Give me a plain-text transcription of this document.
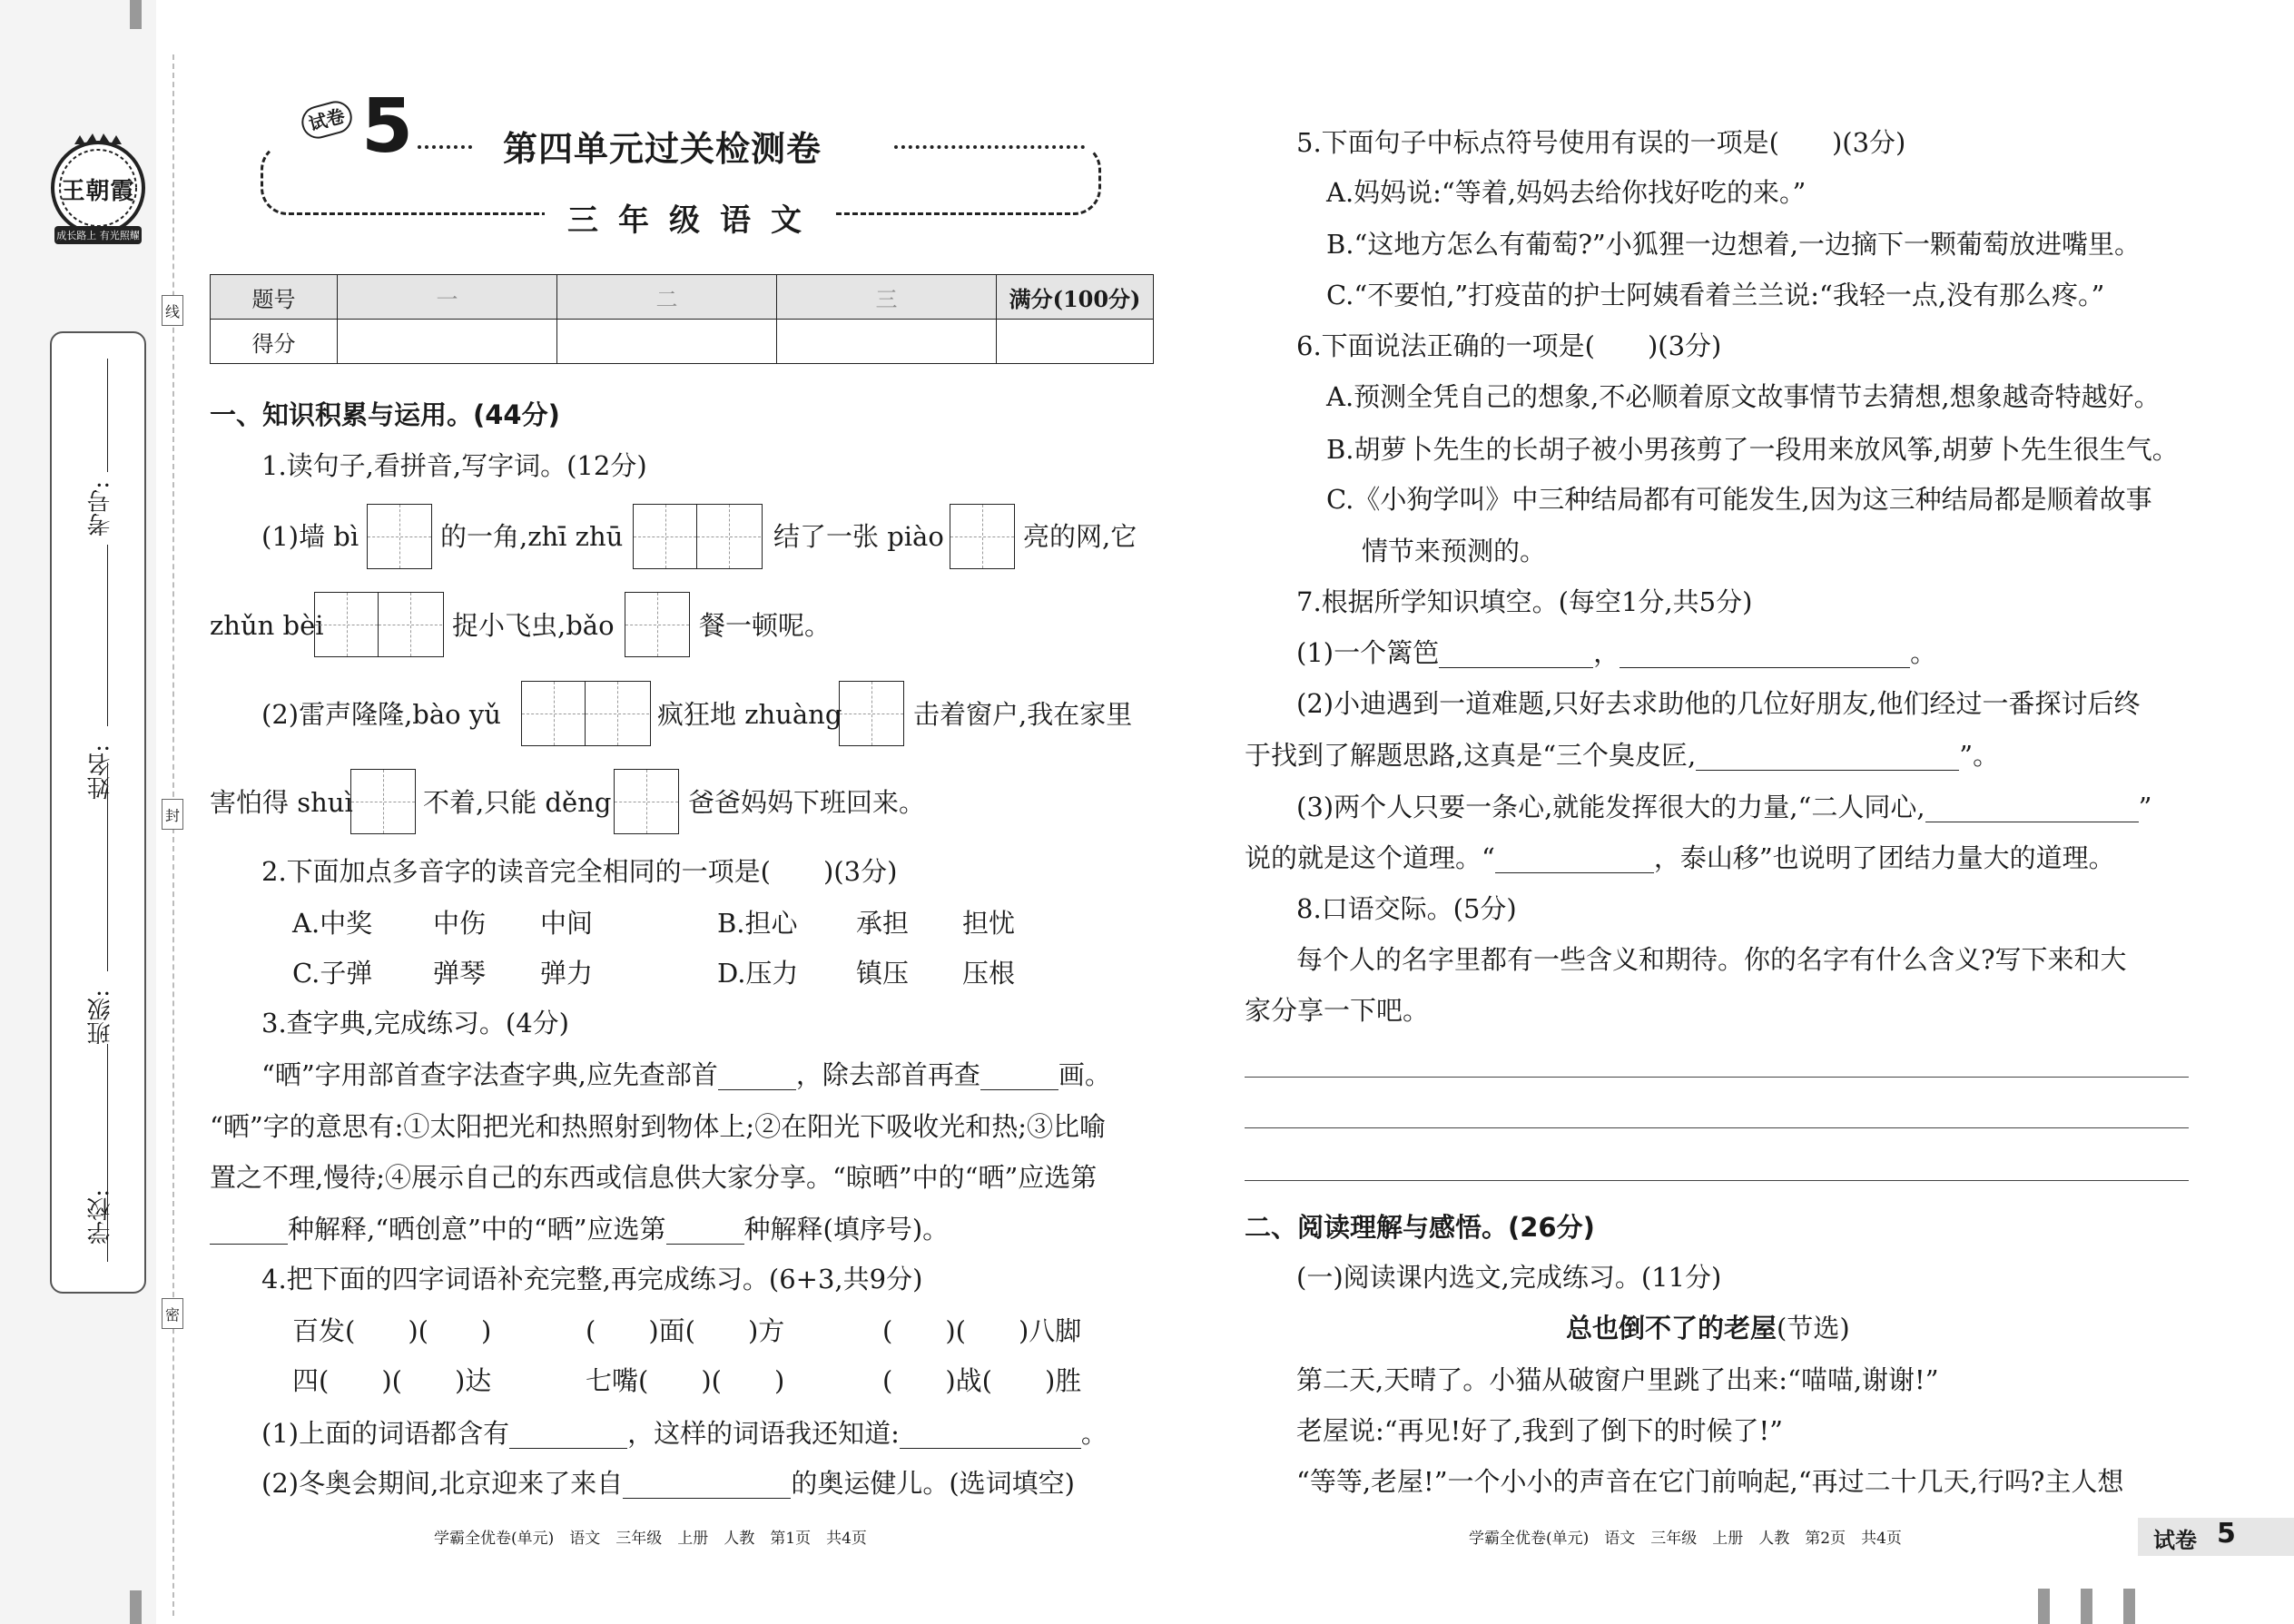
线
封
密
学校:
班级:
姓名:
考号:
王朝霞
成长路上 有光照耀
试卷 5	第四单元过关检测卷
三年级语文
题号	一	二	三	满分(100分)
得分				
一、知识积累与运用。(44分)
1.读句子,看拼音,写字词。(12分)
(1)墙 bì	的一角,zhī zhū	结了一张 piào	亮的网,它
zhǔn bèi	捉小飞虫,bǎo	餐一顿呢。
(2)雷声隆隆,bào yǔ	疯狂地 zhuàng	击着窗户,我在家里
害怕得 shuì	不着,只能 děng	爸爸妈妈下班回来。
2.下面加点多音字的读音完全相同的一项是(　　)(3分)
A.中奖 中伤 中间	B.担心 承担 担忧
C.子弹 弹琴 弹力	D.压力 镇压 压根
3.查字典,完成练习。(4分)
“晒”字用部首查字法查字典,应先查部首	，除去部首再查	画。
“晒”字的意思有:①太阳把光和热照射到物体上;②在阳光下吸收光和热;③比喻
置之不理,慢待;④展示自己的东西或信息供大家分享。“晾晒”中的“晒”应选第
种解释,“晒创意”中的“晒”应选第	种解释(填序号)。
4.把下面的四字词语补充完整,再完成练习。(6+3,共9分)
百发(　　)(　　)	(　　)面(　　)方	(　　)(　　)八脚
四(　　)(　　)达	七嘴(　　)(　　)	(　　)战(　　)胜
(1)上面的词语都含有	，这样的词语我还知道:	。
(2)冬奥会期间,北京迎来了来自	的奥运健儿。(选词填空)
学霸全优卷(单元)　语文　三年级　上册　人教　第1页　共4页
5.下面句子中标点符号使用有误的一项是(　　)(3分)
A.妈妈说:“等着,妈妈去给你找好吃的来。”
B.“这地方怎么有葡萄?”小狐狸一边想着,一边摘下一颗葡萄放进嘴里。
C.“不要怕,”打疫苗的护士阿姨看着兰兰说:“我轻一点,没有那么疼。”
6.下面说法正确的一项是(　　)(3分)
A.预测全凭自己的想象,不必顺着原文故事情节去猜想,想象越奇特越好。
B.胡萝卜先生的长胡子被小男孩剪了一段用来放风筝,胡萝卜先生很生气。
C.《小狗学叫》中三种结局都有可能发生,因为这三种结局都是顺着故事
情节来预测的。
7.根据所学知识填空。(每空1分,共5分)
(1)一个篱笆	，	。
(2)小迪遇到一道难题,只好去求助他的几位好朋友,他们经过一番探讨后终
于找到了解题思路,这真是“三个臭皮匠,	”。
(3)两个人只要一条心,就能发挥很大的力量,“二人同心,	”
说的就是这个道理。“	，泰山移”也说明了团结力量大的道理。
8.口语交际。(5分)
每个人的名字里都有一些含义和期待。你的名字有什么含义?写下来和大
家分享一下吧。
二、阅读理解与感悟。(26分)
(一)阅读课内选文,完成练习。(11分)
总也倒不了的老屋(节选)
第二天,天晴了。小猫从破窗户里跳了出来:“喵喵,谢谢!”
老屋说:“再见!好了,我到了倒下的时候了!”
“等等,老屋!”一个小小的声音在它门前响起,“再过二十几天,行吗?主人想
学霸全优卷(单元)　语文　三年级　上册　人教　第2页　共4页	试卷 5
